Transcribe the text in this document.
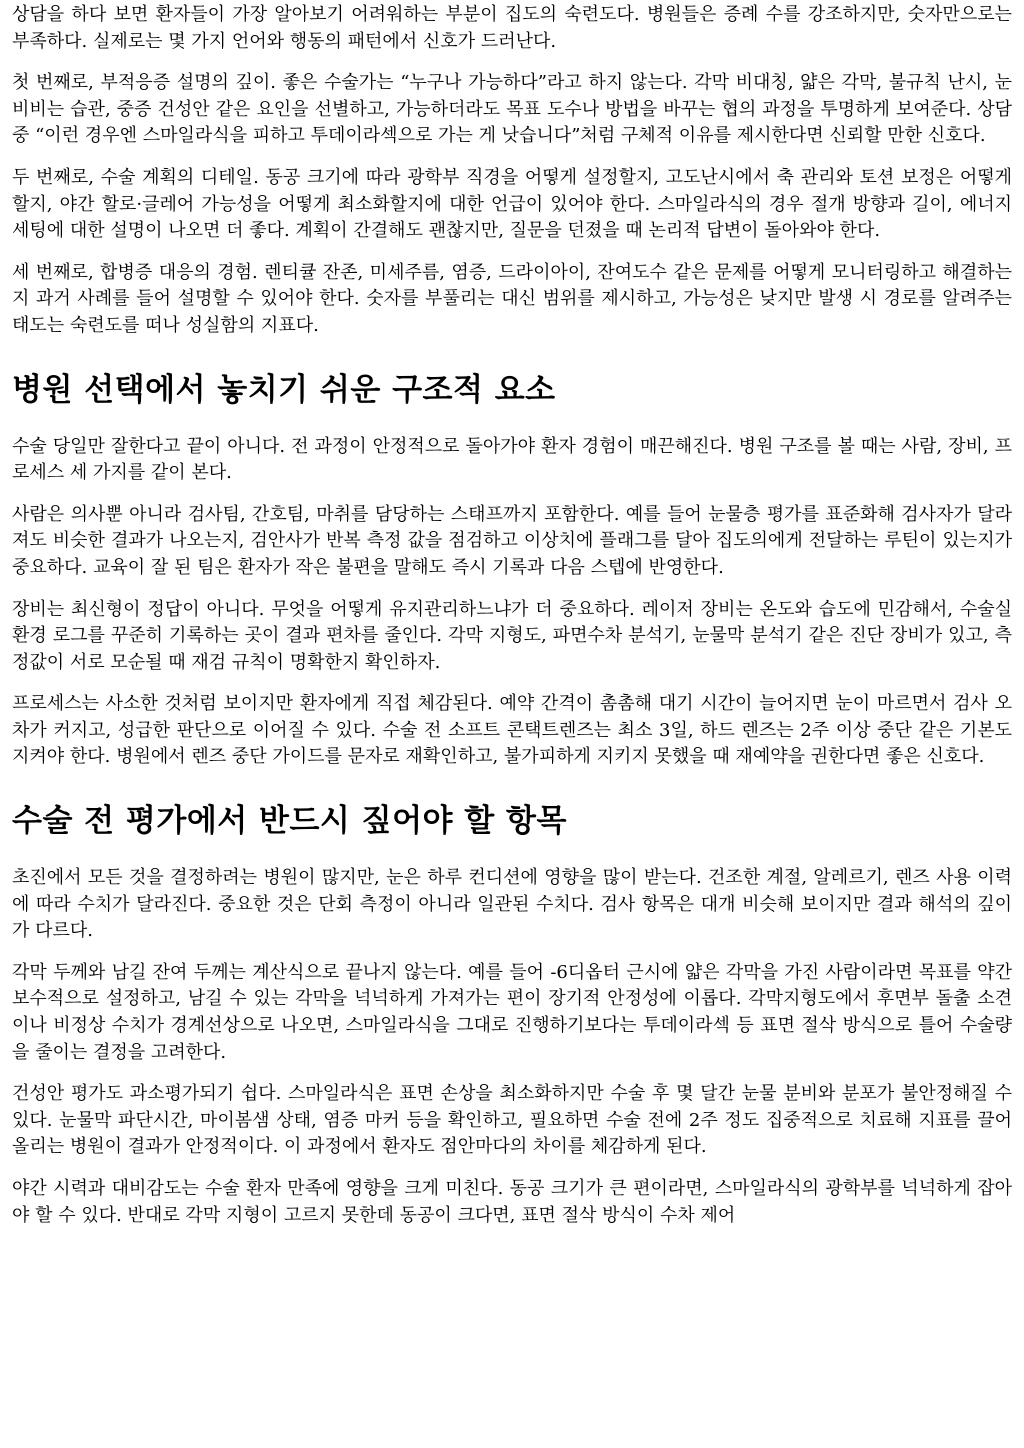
상담을 하다 보면 환자들이 가장 알아보기 어려워하는 부분이 집도의 숙련도다. 병원들은 증례 수를 강조하지만, 숫자만으로는 부족하다. 실제로는 몇 가지 언어와 행동의 패턴에서 신호가 드러난다.

첫 번째로, 부적응증 설명의 깊이. 좋은 수술가는 “누구나 가능하다”라고 하지 않는다. 각막 비대칭, 얇은 각막, 불규칙 난시, 눈 비비는 습관, 중증 건성안 같은 요인을 선별하고, 가능하더라도 목표 도수나 방법을 바꾸는 협의 과정을 투명하게 보여준다. 상담 중 “이런 경우엔 스마일라식을 피하고 투데이라섹으로 가는 게 낫습니다”처럼 구체적 이유를 제시한다면 신뢰할 만한 신호다.

두 번째로, 수술 계획의 디테일. 동공 크기에 따라 광학부 직경을 어떻게 설정할지, 고도난시에서 축 관리와 토션 보정은 어떻게 할지, 야간 할로·글레어 가능성을 어떻게 최소화할지에 대한 언급이 있어야 한다. 스마일라식의 경우 절개 방향과 길이, 에너지 세팅에 대한 설명이 나오면 더 좋다. 계획이 간결해도 괜찮지만, 질문을 던졌을 때 논리적 답변이 돌아와야 한다.

세 번째로, 합병증 대응의 경험. 렌티큘 잔존, 미세주름, 염증, 드라이아이, 잔여도수 같은 문제를 어떻게 모니터링하고 해결하는지 과거 사례를 들어 설명할 수 있어야 한다. 숫자를 부풀리는 대신 범위를 제시하고, 가능성은 낮지만 발생 시 경로를 알려주는 태도는 숙련도를 떠나 성실함의 지표다.

병원 선택에서 놓치기 쉬운 구조적 요소

수술 당일만 잘한다고 끝이 아니다. 전 과정이 안정적으로 돌아가야 환자 경험이 매끈해진다. 병원 구조를 볼 때는 사람, 장비, 프로세스 세 가지를 같이 본다.

사람은 의사뿐 아니라 검사팀, 간호팀, 마취를 담당하는 스태프까지 포함한다. 예를 들어 눈물층 평가를 표준화해 검사자가 달라져도 비슷한 결과가 나오는지, 검안사가 반복 측정 값을 점검하고 이상치에 플래그를 달아 집도의에게 전달하는 루틴이 있는지가 중요하다. 교육이 잘 된 팀은 환자가 작은 불편을 말해도 즉시 기록과 다음 스텝에 반영한다.

장비는 최신형이 정답이 아니다. 무엇을 어떻게 유지관리하느냐가 더 중요하다. 레이저 장비는 온도와 습도에 민감해서, 수술실 환경 로그를 꾸준히 기록하는 곳이 결과 편차를 줄인다. 각막 지형도, 파면수차 분석기, 눈물막 분석기 같은 진단 장비가 있고, 측정값이 서로 모순될 때 재검 규칙이 명확한지 확인하자.

프로세스는 사소한 것처럼 보이지만 환자에게 직접 체감된다. 예약 간격이 촘촘해 대기 시간이 늘어지면 눈이 마르면서 검사 오차가 커지고, 성급한 판단으로 이어질 수 있다. 수술 전 소프트 콘택트렌즈는 최소 3일, 하드 렌즈는 2주 이상 중단 같은 기본도 지켜야 한다. 병원에서 렌즈 중단 가이드를 문자로 재확인하고, 불가피하게 지키지 못했을 때 재예약을 권한다면 좋은 신호다.

수술 전 평가에서 반드시 짚어야 할 항목

초진에서 모든 것을 결정하려는 병원이 많지만, 눈은 하루 컨디션에 영향을 많이 받는다. 건조한 계절, 알레르기, 렌즈 사용 이력에 따라 수치가 달라진다. 중요한 것은 단회 측정이 아니라 일관된 수치다. 검사 항목은 대개 비슷해 보이지만 결과 해석의 깊이가 다르다.

각막 두께와 남길 잔여 두께는 계산식으로 끝나지 않는다. 예를 들어 -6디옵터 근시에 얇은 각막을 가진 사람이라면 목표를 약간 보수적으로 설정하고, 남길 수 있는 각막을 넉넉하게 가져가는 편이 장기적 안정성에 이롭다. 각막지형도에서 후면부 돌출 소견이나 비정상 수치가 경계선상으로 나오면, 스마일라식을 그대로 진행하기보다는 투데이라섹 등 표면 절삭 방식으로 틀어 수술량을 줄이는 결정을 고려한다.

건성안 평가도 과소평가되기 쉽다. 스마일라식은 표면 손상을 최소화하지만 수술 후 몇 달간 눈물 분비와 분포가 불안정해질 수 있다. 눈물막 파단시간, 마이봄샘 상태, 염증 마커 등을 확인하고, 필요하면 수술 전에 2주 정도 집중적으로 치료해 지표를 끌어올리는 병원이 결과가 안정적이다. 이 과정에서 환자도 점안마다의 차이를 체감하게 된다.

야간 시력과 대비감도는 수술 환자 만족에 영향을 크게 미친다. 동공 크기가 큰 편이라면, 스마일라식의 광학부를 넉넉하게 잡아야 할 수 있다. 반대로 각막 지형이 고르지 못한데 동공이 크다면, 표면 절삭 방식이 수차 제어
